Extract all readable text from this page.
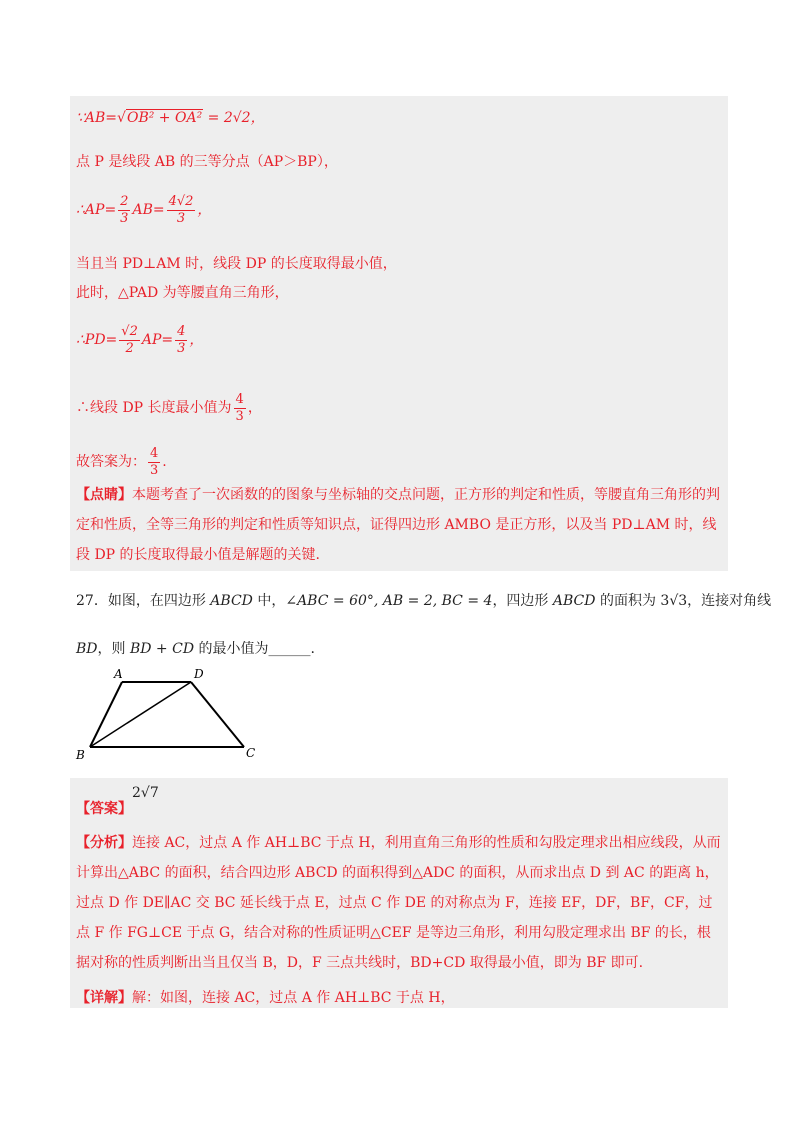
∵AB=√OB² + OA² = 2√2，
点 P 是线段 AB 的三等分点（AP＞BP），
∴AP= $\frac{2}{3} AB= \frac{4√2}{3}$ ，
当且当 PD⊥AM 时，线段 DP 的长度取得最小值，
此时，△PAD 为等腰直角三角形，
∴PD= $\frac{√2}{2} AP= \frac{4}{3}$ ，
∴线段 DP 长度最小值为 $\frac{4}{3}$ ，
故答案为： $\frac{4}{3}$ .
【点睛】本题考查了一次函数的的图象与坐标轴的交点问题，正方形的判定和性质，等腰直角三角形的判定和性质，全等三角形的判定和性质等知识点，证得四边形 AMBO 是正方形，以及当 PD⊥AM 时，线段 DP 的长度取得最小值是解题的关键.
27．如图，在四边形 ABCD 中，∠ABC = 60°, AB = 2, BC = 4，四边形 ABCD 的面积为 3√3，连接对角线
BD，则 BD + CD 的最小值为______.
A	D
B	C
【答案】2√7
【分析】连接 AC，过点 A 作 AH⊥BC 于点 H，利用直角三角形的性质和勾股定理求出相应线段，从而计算出△ABC 的面积，结合四边形 ABCD 的面积得到△ADC 的面积，从而求出点 D 到 AC 的距离 h，过点 D 作 DE∥AC 交 BC 延长线于点 E，过点 C 作 DE 的对称点为 F，连接 EF，DF，BF，CF，过点 F 作 FG⊥CE 于点 G，结合对称的性质证明△CEF 是等边三角形，利用勾股定理求出 BF 的长，根据对称的性质判断出当且仅当 B，D，F 三点共线时，BD+CD 取得最小值，即为 BF 即可.
【详解】解：如图，连接 AC，过点 A 作 AH⊥BC 于点 H，
